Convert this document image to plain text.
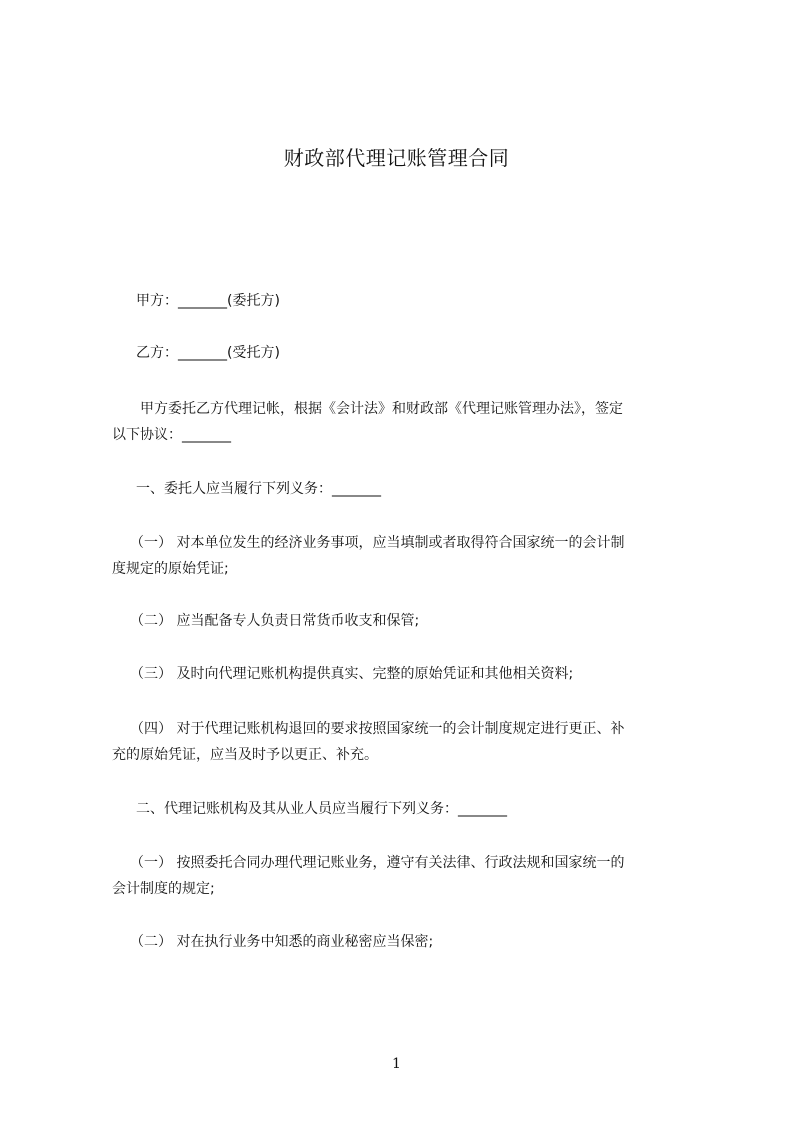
财政部代理记账管理合同
甲方：_______(委托方)
乙方：_______(受托方)
甲方委托乙方代理记帐，根据《会计法》和财政部《代理记账管理办法》，签定
以下协议：_______
一、委托人应当履行下列义务：_______
（一） 对本单位发生的经济业务事项，应当填制或者取得符合国家统一的会计制
度规定的原始凭证;
（二） 应当配备专人负责日常货币收支和保管;
（三） 及时向代理记账机构提供真实、完整的原始凭证和其他相关资料;
（四） 对于代理记账机构退回的要求按照国家统一的会计制度规定进行更正、补
充的原始凭证，应当及时予以更正、补充。
二、代理记账机构及其从业人员应当履行下列义务：_______
（一） 按照委托合同办理代理记账业务，遵守有关法律、行政法规和国家统一的
会计制度的规定;
（二） 对在执行业务中知悉的商业秘密应当保密;
1
